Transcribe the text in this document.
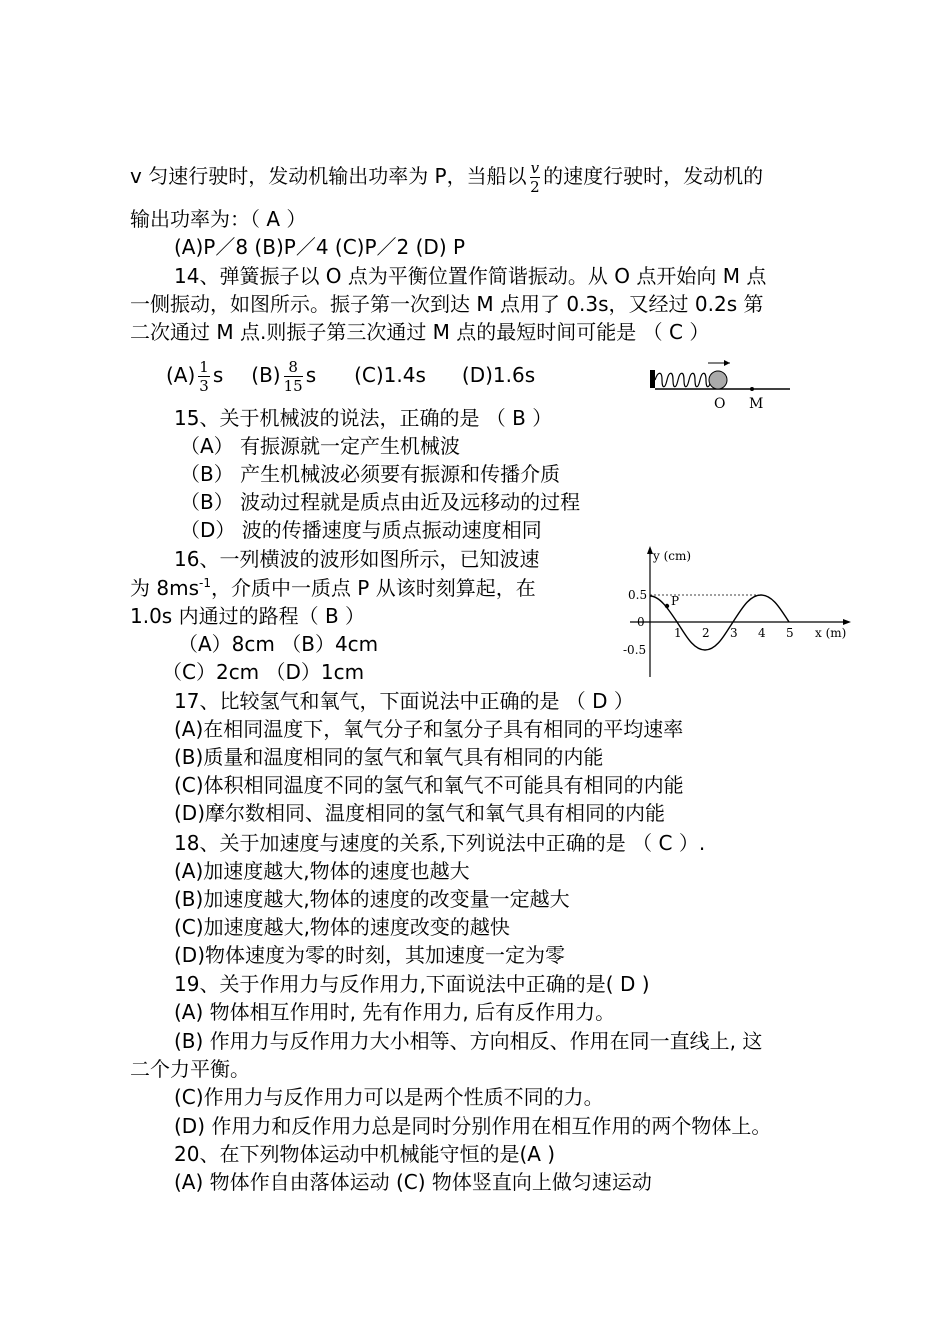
v 匀速行驶时，发动机输出功率为 P，当船以 $\frac{v}{2}$ 的速度行驶时，发动机的
输出功率为：（ A ）
(A)P／8 (B)P／4 (C)P／2 (D) P
14、弹簧振子以 O 点为平衡位置作简谐振动。从 O 点开始向 M 点
一侧振动，如图所示。振子第一次到达 M 点用了 0.3s，又经过 0.2s 第
二次通过 M 点.则振子第三次通过 M 点的最短时间可能是 （ C ）
$(A) \frac{1}{3}$ s $(B) \frac{8}{15}$ s (C)1.4s (D)1.6s
O M
15、关于机械波的说法，正确的是 （ B ）
（A） 有振源就一定产生机械波
（B） 产生机械波必须要有振源和传播介质
（B） 波动过程就是质点由近及远移动的过程
（D） 波的传播速度与质点振动速度相同
16、一列横波的波形如图所示，已知波速
为 $8ms^{-1}$，介质中一质点 P 从该时刻算起，在
1.0s 内通过的路程（ B ）
（A）8cm （B）4cm
（C）2cm （D）1cm
y (cm)
x (m)
0.5
0
-0.5
P
1 2 3 4 5
17、比较氢气和氧气，下面说法中正确的是 （ D ）
(A)在相同温度下，氧气分子和氢分子具有相同的平均速率
(B)质量和温度相同的氢气和氧气具有相同的内能
(C)体积相同温度不同的氢气和氧气不可能具有相同的内能
(D)摩尔数相同、温度相同的氢气和氧气具有相同的内能
18、关于加速度与速度的关系,下列说法中正确的是 （ C ）.
(A)加速度越大,物体的速度也越大
(B)加速度越大,物体的速度的改变量一定越大
(C)加速度越大,物体的速度改变的越快
(D)物体速度为零的时刻，其加速度一定为零
19、关于作用力与反作用力,下面说法中正确的是( D )
(A) 物体相互作用时, 先有作用力, 后有反作用力。
(B) 作用力与反作用力大小相等、方向相反、作用在同一直线上, 这
二个力平衡。
(C)作用力与反作用力可以是两个性质不同的力。
(D) 作用力和反作用力总是同时分别作用在相互作用的两个物体上。
20、在下列物体运动中机械能守恒的是(A )
(A) 物体作自由落体运动 (C) 物体竖直向上做匀速运动
